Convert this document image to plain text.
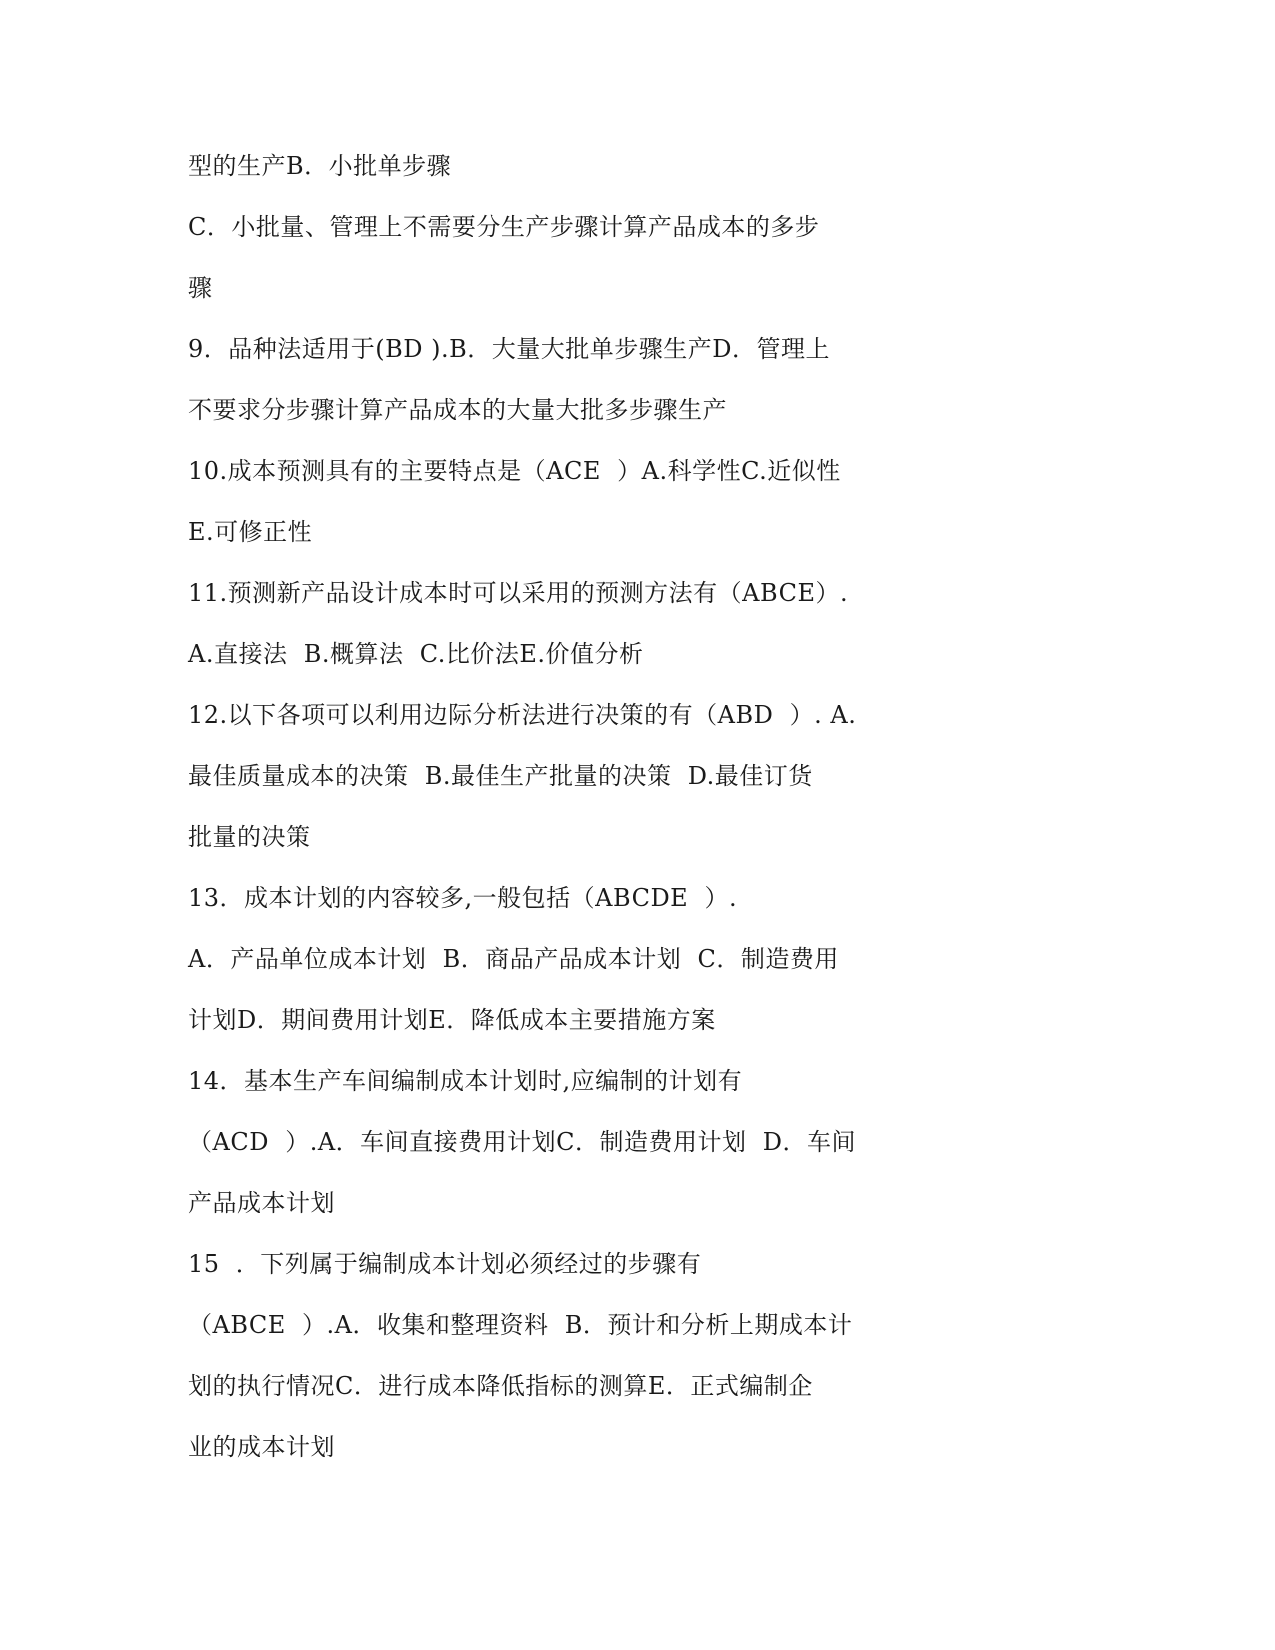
型的生产B．小批单步骤
C．小批量、管理上不需要分生产步骤计算产品成本的多步
骤
9．品种法适用于(BD ).B．大量大批单步骤生产D．管理上
不要求分步骤计算产品成本的大量大批多步骤生产
10.成本预测具有的主要特点是（ACE  ）A.科学性C.近似性
E.可修正性
11.预测新产品设计成本时可以采用的预测方法有（ABCE）.
A.直接法  B.概算法  C.比价法E.价值分析
12.以下各项可以利用边际分析法进行决策的有（ABD  ）. A.
最佳质量成本的决策  B.最佳生产批量的决策  D.最佳订货
批量的决策
13．成本计划的内容较多,一般包括（ABCDE  ）.
A．产品单位成本计划  B．商品产品成本计划  C．制造费用
计划D．期间费用计划E．降低成本主要措施方案
14．基本生产车间编制成本计划时,应编制的计划有
（ACD  ）.A．车间直接费用计划C．制造费用计划  D．车间
产品成本计划
15  ．下列属于编制成本计划必须经过的步骤有
（ABCE  ）.A．收集和整理资料  B．预计和分析上期成本计
划的执行情况C．进行成本降低指标的测算E．正式编制企
业的成本计划
